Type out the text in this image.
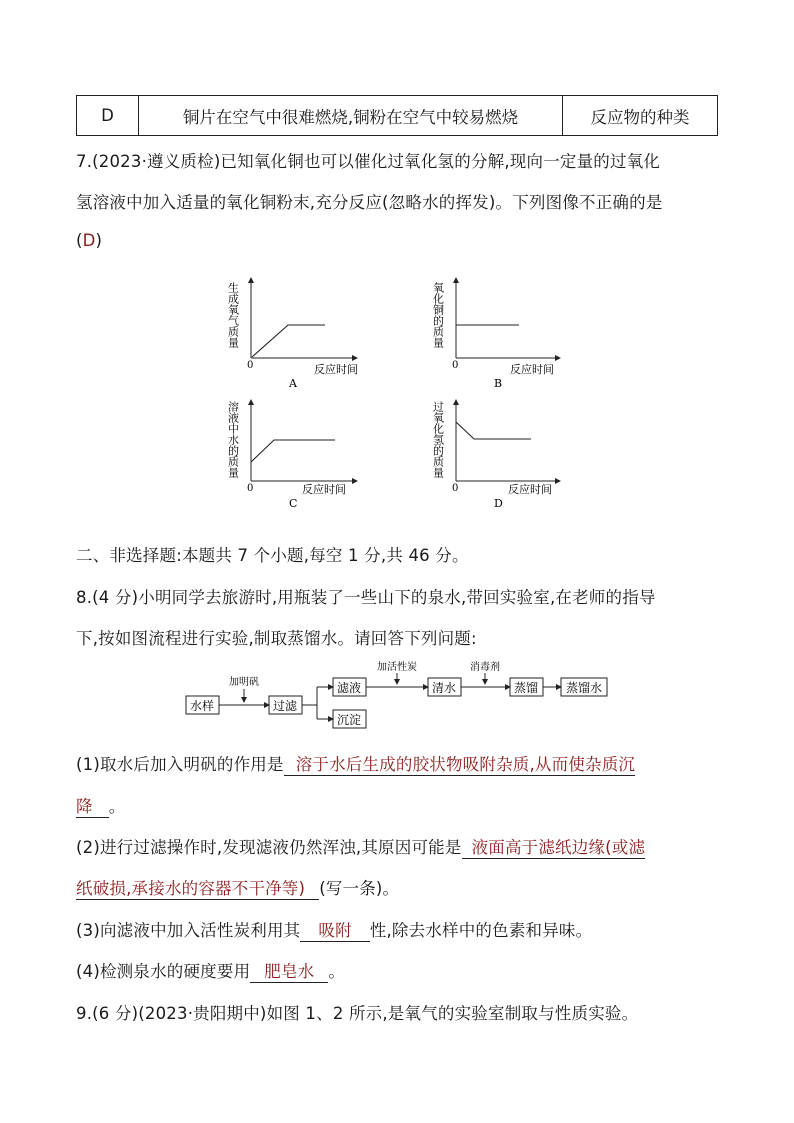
D	铜片在空气中很难燃烧,铜粉在空气中较易燃烧	反应物的种类
7.(2023·遵义质检)已知氧化铜也可以催化过氧化氢的分解,现向一定量的过氧化
氢溶液中加入适量的氧化铜粉末,充分反应(忽略水的挥发)。下列图像不正确的是
(D)
生成氧气质量
0	反应时间
A
氧化铜的质量
0	反应时间
B
溶液中水的质量
0	反应时间
C
过氧化氢的质量
0	反应时间
D
二、非选择题:本题共 7 个小题,每空 1 分,共 46 分。
8.(4 分)小明同学去旅游时,用瓶装了一些山下的泉水,带回实验室,在老师的指导
下,按如图流程进行实验,制取蒸馏水。请回答下列问题:
水样
加明矾
过滤
滤液
沉淀
加活性炭
清水
消毒剂
蒸馏 蒸馏水
(1)取水后加入明矾的作用是 溶于水后生成的胶状物吸附杂质,从而使杂质沉
降 。
(2)进行过滤操作时,发现滤液仍然浑浊,其原因可能是 液面高于滤纸边缘(或滤
纸破损,承接水的容器不干净等) (写一条)。
(3)向滤液中加入活性炭利用其 吸附 性,除去水样中的色素和异味。
(4)检测泉水的硬度要用 肥皂水 。
9.(6 分)(2023·贵阳期中)如图 1、2 所示,是氧气的实验室制取与性质实验。
